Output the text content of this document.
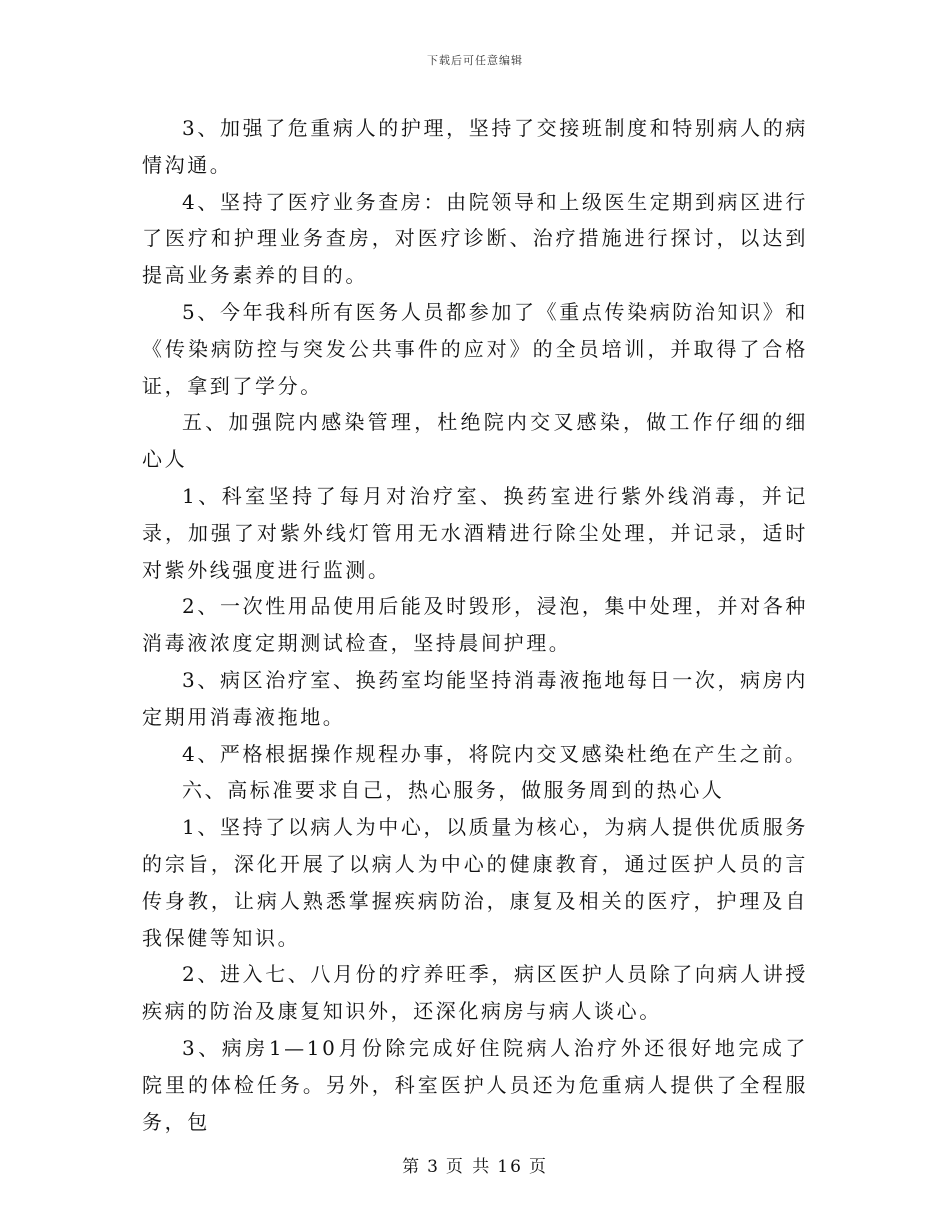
下载后可任意编辑

3、加强了危重病人的护理，坚持了交接班制度和特别病人的病情沟通。

4、坚持了医疗业务查房：由院领导和上级医生定期到病区进行了医疗和护理业务查房，对医疗诊断、治疗措施进行探讨，以达到提高业务素养的目的。

5、今年我科所有医务人员都参加了《重点传染病防治知识》和《传染病防控与突发公共事件的应对》的全员培训，并取得了合格证，拿到了学分。

五、加强院内感染管理，杜绝院内交叉感染，做工作仔细的细心人

1、科室坚持了每月对治疗室、换药室进行紫外线消毒，并记录，加强了对紫外线灯管用无水酒精进行除尘处理，并记录，适时对紫外线强度进行监测。

2、一次性用品使用后能及时毁形，浸泡，集中处理，并对各种消毒液浓度定期测试检查，坚持晨间护理。

3、病区治疗室、换药室均能坚持消毒液拖地每日一次，病房内定期用消毒液拖地。

4、严格根据操作规程办事，将院内交叉感染杜绝在产生之前。

六、高标准要求自己，热心服务，做服务周到的热心人

1、坚持了以病人为中心，以质量为核心，为病人提供优质服务的宗旨，深化开展了以病人为中心的健康教育，通过医护人员的言传身教，让病人熟悉掌握疾病防治，康复及相关的医疗，护理及自我保健等知识。

2、进入七、八月份的疗养旺季，病区医护人员除了向病人讲授疾病的防治及康复知识外，还深化病房与病人谈心。

3、病房1—10月份除完成好住院病人治疗外还很好地完成了院里的体检任务。另外，科室医护人员还为危重病人提供了全程服务，包

第 3 页 共 16 页
